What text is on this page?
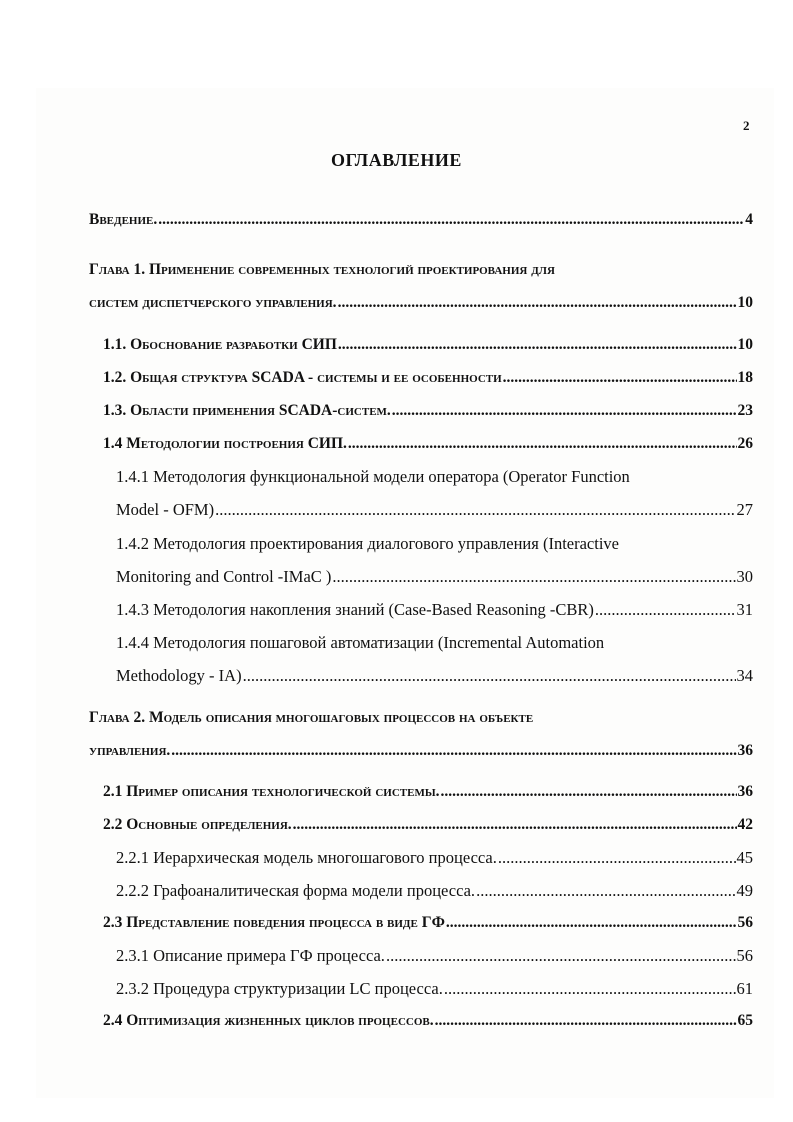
2
ОГЛАВЛЕНИЕ
Введение. .....	4
Глава 1. Применение современных технологий проектирования для
систем диспетчерского управления. .....	10
1.1. Обоснование разработки СИП .....	10
1.2. Общая структура SCADA - системы и ее особенности .....	18
1.3. Области применения SCADA-систем. .....	23
1.4 Методологии построения СИП. .....	26
1.4.1 Методология функциональной модели оператора (Operator Function
Model - OFM) .....	27
1.4.2 Методология проектирования диалогового управления (Interactive
Monitoring and Control -IMaC ) .....	30
1.4.3 Методология накопления знаний (Case-Based Reasoning -CBR) .....	31
1.4.4 Методология пошаговой автоматизации (Incremental Automation
Methodology - IA) .....	34
Глава 2. Модель описания многошаговых процессов на объекте
управления. .....	36
2.1 Пример описания технологической системы. .....	36
2.2 Основные определения. .....	42
2.2.1 Иерархическая модель многошагового процесса. .....	45
2.2.2 Графоаналитическая форма модели процесса. .....	49
2.3 Представление поведения процесса в виде ГФ .....	56
2.3.1 Описание примера ГФ процесса. .....	56
2.3.2 Процедура структуризации LC процесса. .....	61
2.4 Оптимизация жизненных циклов процессов. .....	65
